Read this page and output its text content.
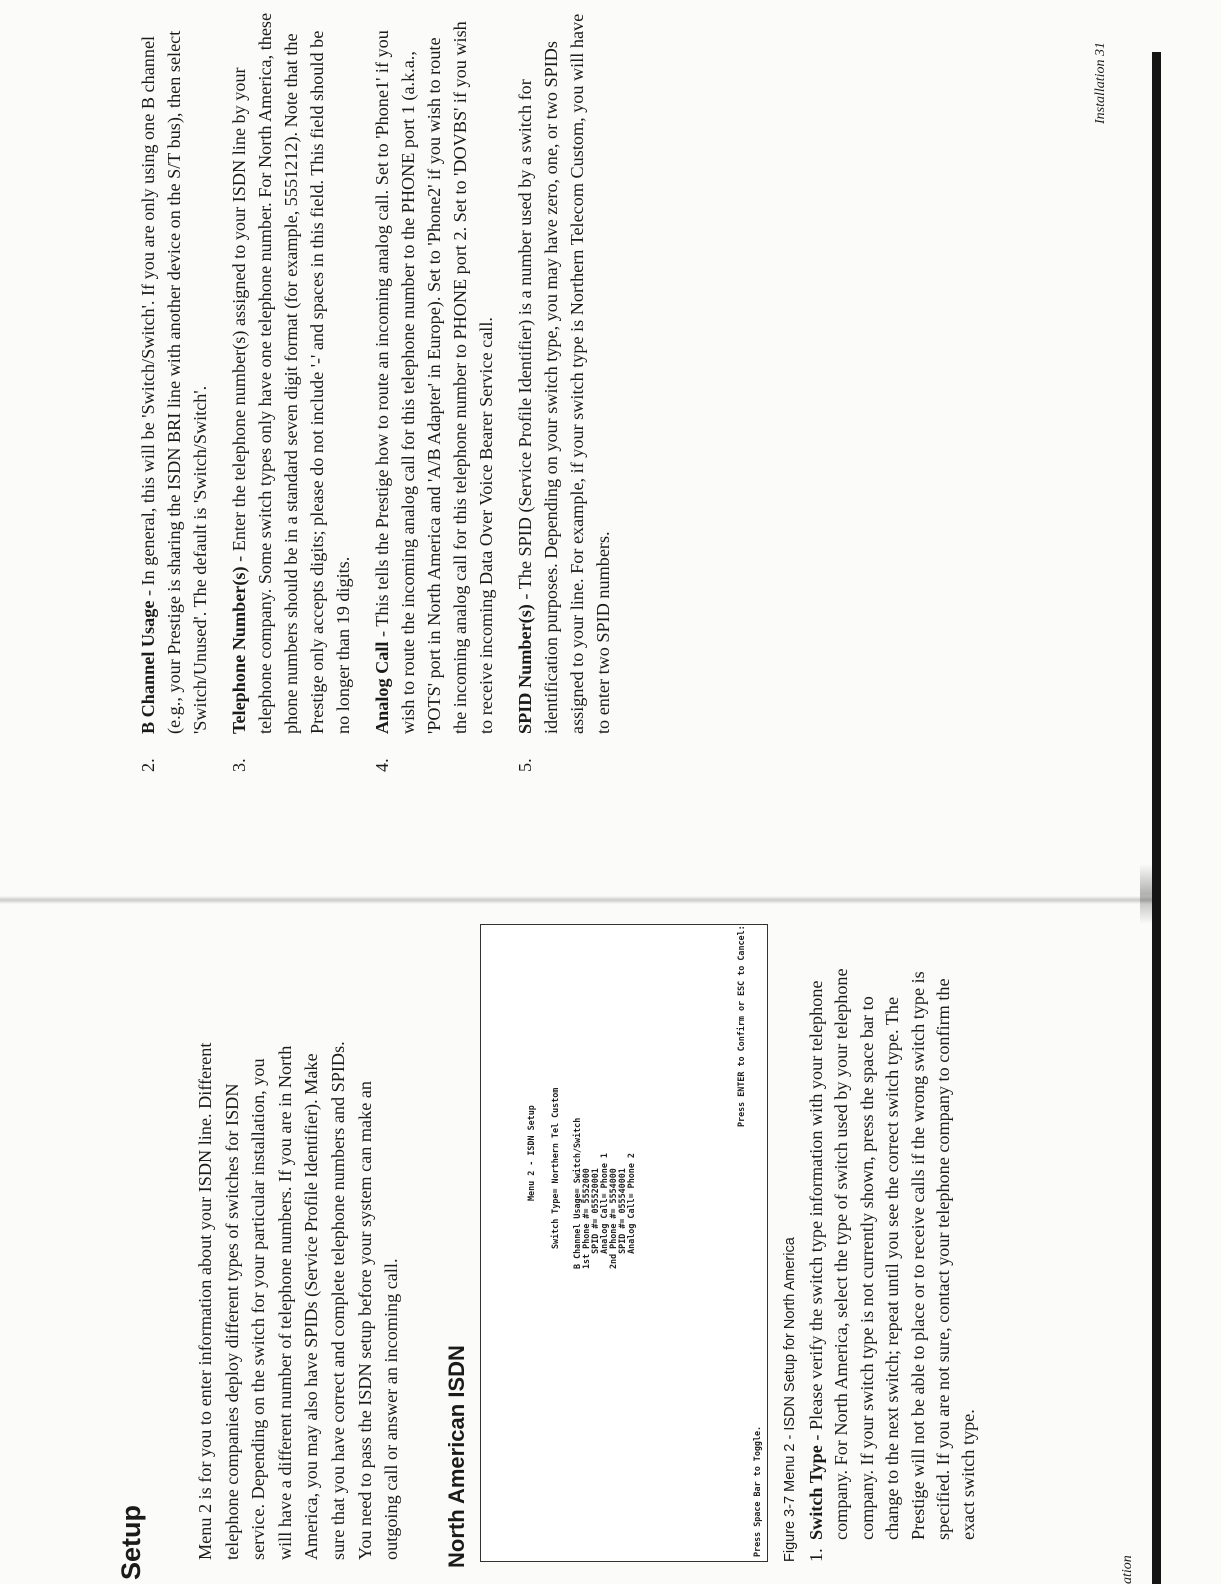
Setup	Menu 2 is for you to enter information about your ISDN line. Different telephone companies deploy different types of switches for ISDN service. Depending on the switch for your particular installation, you will have a different number of telephone numbers. If you are in North America, you may also have SPIDs (Service Profile Identifier). Make sure that you have correct and complete telephone numbers and SPIDs. You need to pass the ISDN setup before your system can make an outgoing call or answer an incoming call. North American ISDN
Menu 2 - ISDN Setup Switch Type= Northern Tel Custom B Channel Usage= Switch/Switch 1st Phone #= 5552000 SPID #= 055520001 Analog Call= Phone 1 2nd Phone #= 5554000 SPID #= 055540001 Analog Call= Phone 2
Press ENTER to Confirm or ESC to Cancel:
Press Space Bar to Toggle. Figure 3-7 Menu 2 - ISDN Setup for North America 1.
Switch Type - Please verify the switch type information with your telephone company. For North America, select the type of switch used by your telephone company. If your switch type is not currently shown, press the space bar to change to the next switch; repeat until you see the correct switch type. The Prestige will not be able to place or to receive calls if the wrong switch type is specified. If you are not sure, contact your telephone company to confirm the exact switch type.

ation

2.
B Channel Usage - In general, this will be 'Switch/Switch'. If you are only using one B channel (e.g., your Prestige is sharing the ISDN BRI line with another device on the S/T bus), then select 'Switch/Unused'. The default is 'Switch/Switch'.
3.
Telephone Number(s) - Enter the telephone number(s) assigned to your ISDN line by your telephone company. Some switch types only have one telephone number. For North America, these phone numbers should be in a standard seven digit format (for example, 5551212). Note that the Prestige only accepts digits; please do not include '-' and spaces in this field. This field should be no longer than 19 digits.
4.
Analog Call - This tells the Prestige how to route an incoming analog call. Set to 'Phone1' if you wish to route the incoming analog call for this telephone number to the PHONE port 1 (a.k.a., 'POTS' port in North America and 'A/B Adapter' in Europe). Set to 'Phone2' if you wish to route the incoming analog call for this telephone number to PHONE port 2. Set to 'DOVBS' if you wish to receive incoming Data Over Voice Bearer Service call.
5.
SPID Number(s) - The SPID (Service Profile Identifier) is a number used by a switch for identification purposes. Depending on your switch type, you may have zero, one, or two SPIDs assigned to your line. For example, if your switch type is Northern Telecom Custom, you will have to enter two SPID numbers.

Installation 31
